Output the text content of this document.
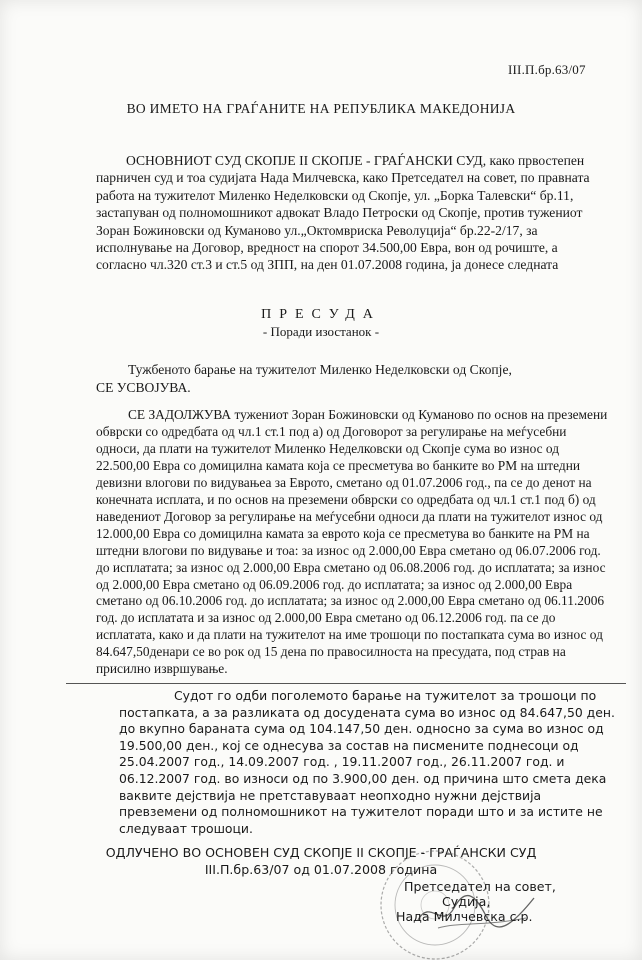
III.П.бр.63/07
ВО ИМЕТО НА ГРАЃАНИТЕ НА РЕПУБЛИКА МАКЕДОНИЈА

ОСНОВНИОТ СУД СКОПЈЕ II СКОПЈЕ - ГРАЃАНСКИ СУД, како првостепен парничен суд и тоа судијата Нада Милчевска, како Претседател на совет, по правната работа на тужителот Миленко Неделковски од Скопје, ул. „Борка Талевски“ бр.11, застапуван од полномошникот адвокат Владо Петроски од Скопје, против тужениот Зоран Божиновски од Куманово ул.„Октомвриска Револуција“ бр.22-2/17, за исполнување на Договор, вредност на спорот 34.500,00 Евра, вон од рочиште, а согласно чл.320 ст.3 и ст.5 од ЗПП, на ден 01.07.2008 година, ја донесе следната

ПРЕСУДА
- Поради изостанок -
Тужбеното барање на тужителот Миленко Неделковски од Скопје,
СЕ УСВОЈУВА.

СЕ ЗАДОЛЖУВА тужениот Зоран Божиновски од Куманово по основ на преземени обврски со одредбата од чл.1 ст.1 под а) од Договорот за регулирање на меѓусебни односи, да плати на тужителот Миленко Неделковски од Скопје сума во износ од 22.500,00 Евра со домицилна камата која се пресметува во банките во РМ на штедни девизни влогови по видувањеа за Еврото, сметано од 01.07.2006 год., па се до денот на конечната исплата, и по основ на преземени обврски со одредбата од чл.1 ст.1 под б) од наведениот Договор за регулирање на меѓусебни односи да плати на тужителот износ од 12.000,00 Евра со домицилна камата за еврото која се пресметува во банките на РМ на штедни влогови по видување и тоа: за износ од 2.000,00 Евра сметано од 06.07.2006 год. до исплатата; за износ од 2.000,00 Евра сметано од 06.08.2006 год. до исплатата; за износ од 2.000,00 Евра сметано од 06.09.2006 год. до исплатата; за износ од 2.000,00 Евра сметано од 06.10.2006 год. до исплатата; за износ од 2.000,00 Евра сметано од 06.11.2006 год. до исплатата и за износ од 2.000,00 Евра сметано од 06.12.2006 год. па се до исплатата, како и да плати на тужителот на име трошоци по постапката сума во износ од 84.647,50денари се во рок од 15 дена по правосилноста на пресудата, под страв на присилно извршување.

Судот го одби поголемото барање на тужителот за трошоци по

постапката, а за разликата од досудената сума во износ од 84.647,50 ден. до вкупно бараната сума од 104.147,50 ден. односно за сума во износ од 19.500,00 ден., кој се однесува за состав на писмените поднесоци од 25.04.2007 год., 14.09.2007 год. , 19.11.2007 год., 26.11.2007 год. и 06.12.2007 год. во износи од по 3.900,00 ден. од причина што смета дека ваквите дејствија не претставуваат неопходно нужни дејствија превземени од полномошникот на тужителот поради што и за истите не следуваат трошоци.

ОДЛУЧЕНО ВО ОСНОВЕН СУД СКОПЈЕ II СКОПЈЕ - ГРАЃАНСКИ СУД
III.П.бр.63/07 од 01.07.2008 година
Претседател на совет,
Судија,
Нада Милчевска с.р.
